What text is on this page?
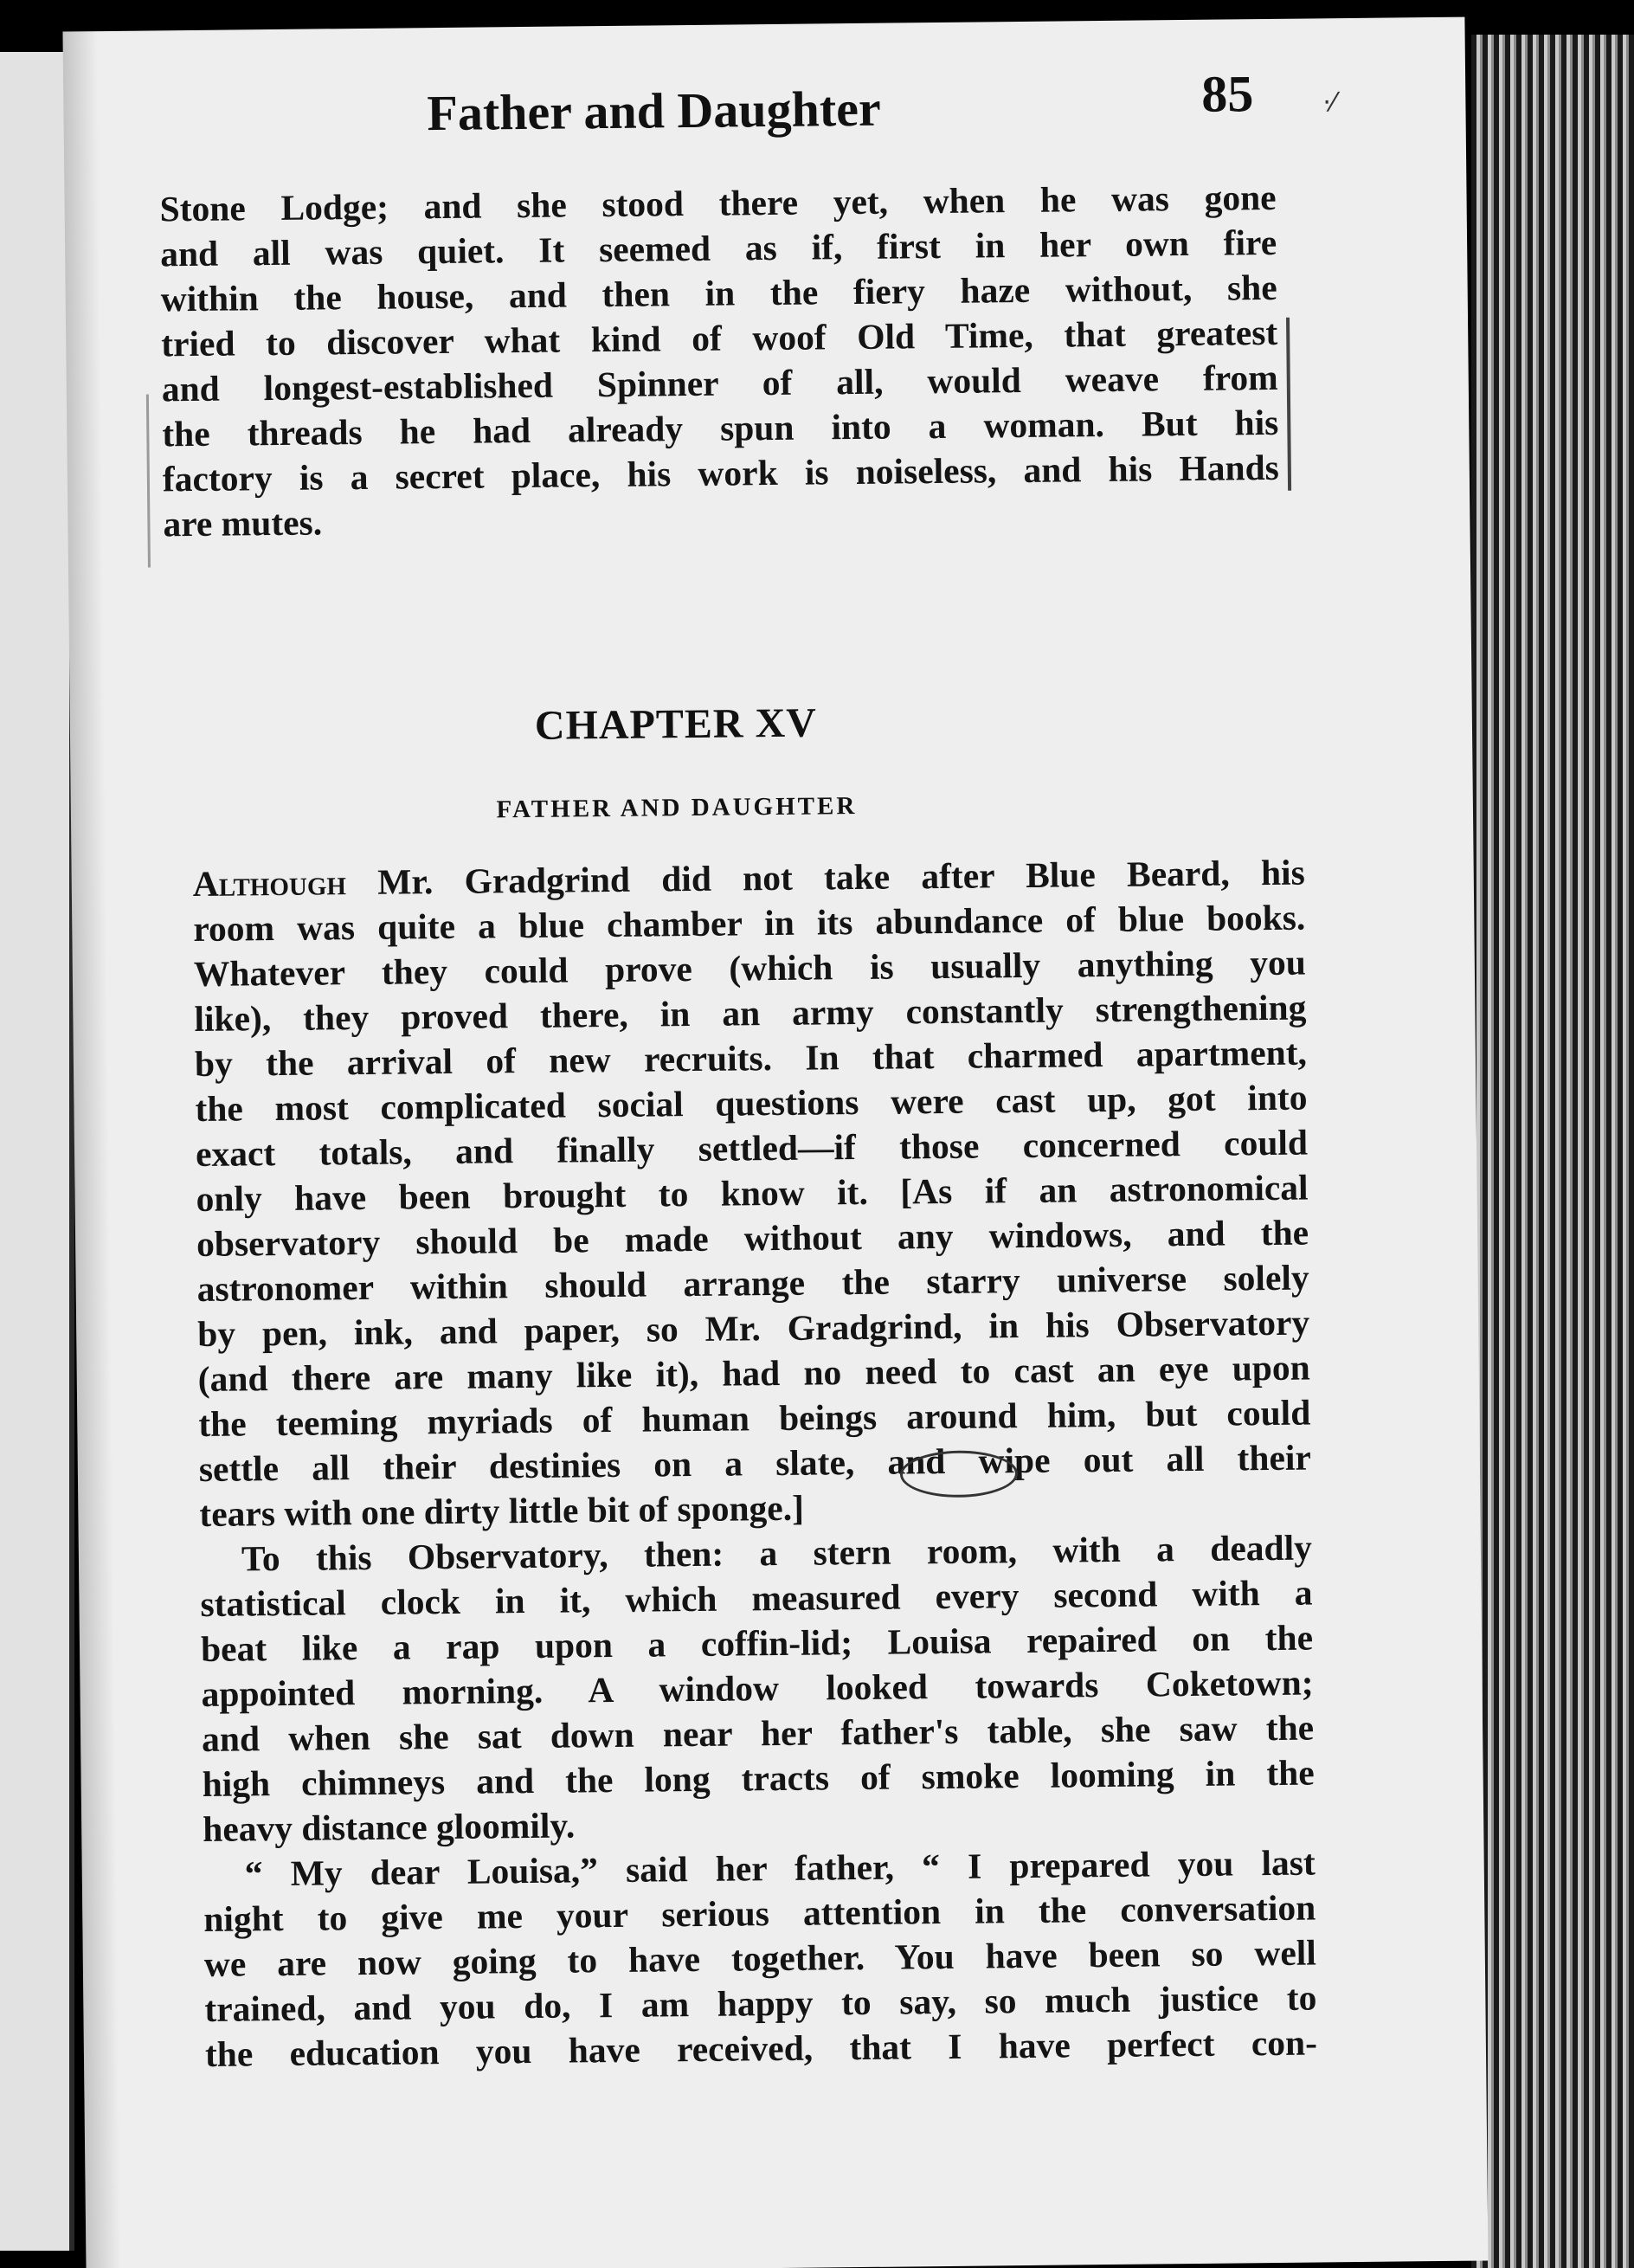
Father and Daughter	85	·⁄
Stone Lodge; and she stood there yet, when he was gone
and all was quiet. It seemed as if, first in her own fire
within the house, and then in the fiery haze without, she
tried to discover what kind of woof Old Time, that greatest
and longest-established Spinner of all, would weave from
the threads he had already spun into a woman. But his
factory is a secret place, his work is noiseless, and his Hands
are mutes.
CHAPTER XV
FATHER AND DAUGHTER
Although Mr. Gradgrind did not take after Blue Beard, his
room was quite a blue chamber in its abundance of blue books.
Whatever they could prove (which is usually anything you
like), they proved there, in an army constantly strengthening
by the arrival of new recruits. In that charmed apartment,
the most complicated social questions were cast up, got into
exact totals, and finally settled—if those concerned could
only have been brought to know it. [As if an astronomical
observatory should be made without any windows, and the
astronomer within should arrange the starry universe solely
by pen, ink, and paper, so Mr. Gradgrind, in his Observatory
(and there are many like it), had no need to cast an eye upon
the teeming myriads of human beings around him, but could
settle all their destinies on a slate, and wipe out all their
tears with one dirty little bit of sponge.]
To this Observatory, then: a stern room, with a deadly
statistical clock in it, which measured every second with a
beat like a rap upon a coffin-lid; Louisa repaired on the
appointed morning. A window looked towards Coketown;
and when she sat down near her father's table, she saw the
high chimneys and the long tracts of smoke looming in the
heavy distance gloomily.
“ My dear Louisa,” said her father, “ I prepared you last
night to give me your serious attention in the conversation
we are now going to have together. You have been so well
trained, and you do, I am happy to say, so much justice to
the education you have received, that I have perfect con-
